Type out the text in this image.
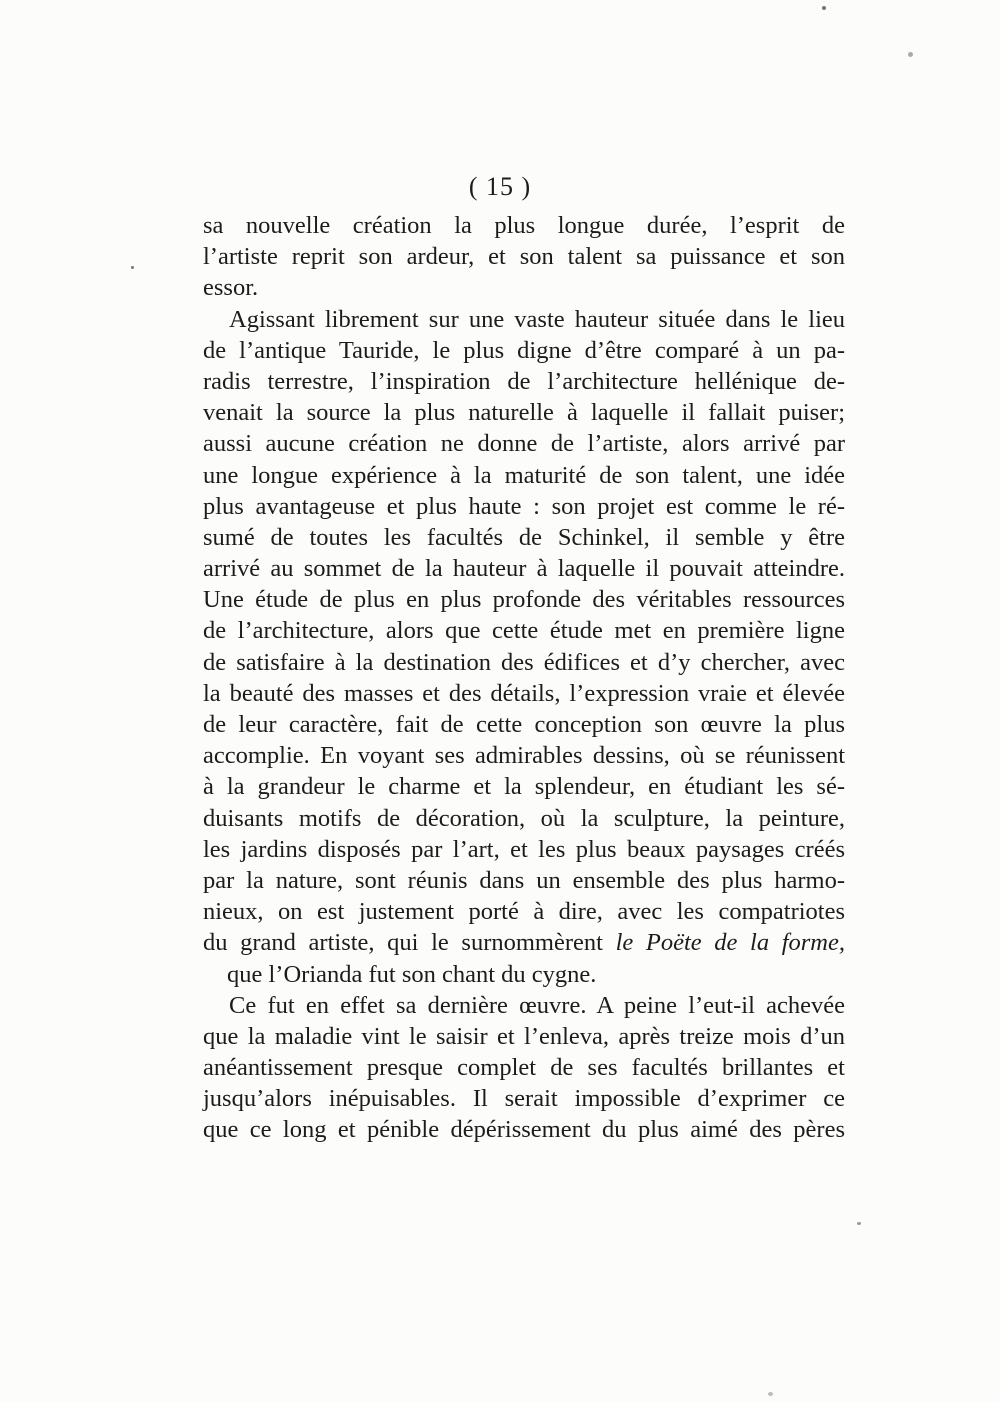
( 15 )
sa nouvelle création la plus longue durée, l’esprit de
l’artiste reprit son ardeur, et son talent sa puissance et son
essor.
Agissant librement sur une vaste hauteur située dans le lieu
de l’antique Tauride, le plus digne d’être comparé à un pa-
radis terrestre, l’inspiration de l’architecture hellénique de-
venait la source la plus naturelle à laquelle il fallait puiser;
aussi aucune création ne donne de l’artiste, alors arrivé par
une longue expérience à la maturité de son talent, une idée
plus avantageuse et plus haute : son projet est comme le ré-
sumé de toutes les facultés de Schinkel, il semble y être
arrivé au sommet de la hauteur à laquelle il pouvait atteindre.
Une étude de plus en plus profonde des véritables ressources
de l’architecture, alors que cette étude met en première ligne
de satisfaire à la destination des édifices et d’y chercher, avec
la beauté des masses et des détails, l’expression vraie et élevée
de leur caractère, fait de cette conception son œuvre la plus
accomplie. En voyant ses admirables dessins, où se réunissent
à la grandeur le charme et la splendeur, en étudiant les sé-
duisants motifs de décoration, où la sculpture, la peinture,
les jardins disposés par l’art, et les plus beaux paysages créés
par la nature, sont réunis dans un ensemble des plus harmo-
nieux, on est justement porté à dire, avec les compatriotes
du grand artiste, qui le surnommèrent le Poëte de la forme,
que l’Orianda fut son chant du cygne.
Ce fut en effet sa dernière œuvre. A peine l’eut-il achevée
que la maladie vint le saisir et l’enleva, après treize mois d’un
anéantissement presque complet de ses facultés brillantes et
jusqu’alors inépuisables. Il serait impossible d’exprimer ce
que ce long et pénible dépérissement du plus aimé des pères
